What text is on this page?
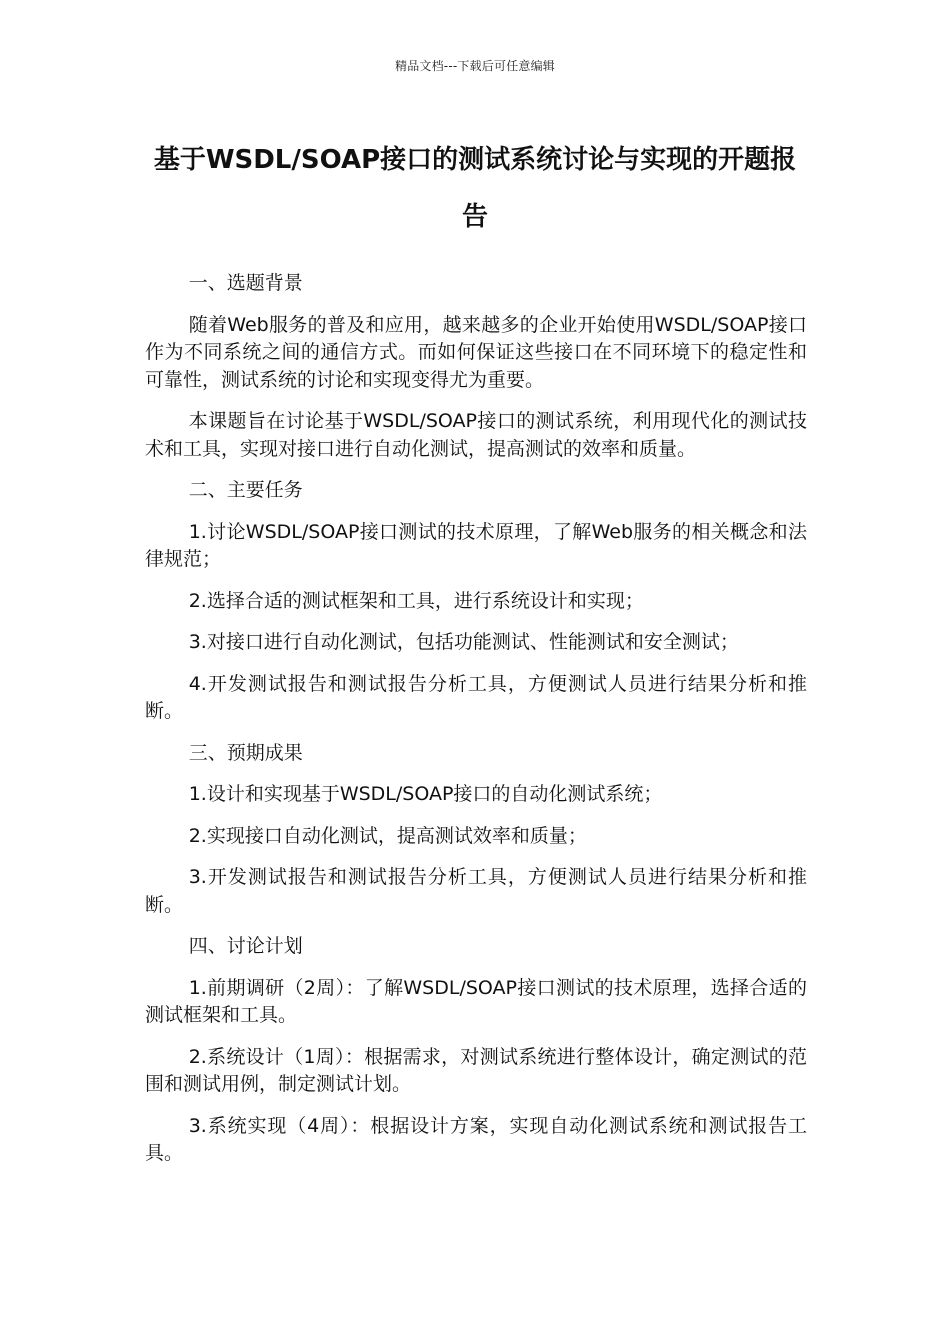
精品文档---下载后可任意编辑
基于WSDL/SOAP接口的测试系统讨论与实现的开题报告

一、选题背景

随着Web服务的普及和应用，越来越多的企业开始使用WSDL/SOAP接口作为不同系统之间的通信方式。而如何保证这些接口在不同环境下的稳定性和可靠性，测试系统的讨论和实现变得尤为重要。

本课题旨在讨论基于WSDL/SOAP接口的测试系统，利用现代化的测试技术和工具，实现对接口进行自动化测试，提高测试的效率和质量。

二、主要任务

1.讨论WSDL/SOAP接口测试的技术原理，了解Web服务的相关概念和法律规范；

2.选择合适的测试框架和工具，进行系统设计和实现；

3.对接口进行自动化测试，包括功能测试、性能测试和安全测试；

4.开发测试报告和测试报告分析工具，方便测试人员进行结果分析和推断。

三、预期成果

1.设计和实现基于WSDL/SOAP接口的自动化测试系统；

2.实现接口自动化测试，提高测试效率和质量；

3.开发测试报告和测试报告分析工具，方便测试人员进行结果分析和推断。

四、讨论计划

1.前期调研（2周）：了解WSDL/SOAP接口测试的技术原理，选择合适的测试框架和工具。

2.系统设计（1周）：根据需求，对测试系统进行整体设计，确定测试的范围和测试用例，制定测试计划。

3.系统实现（4周）：根据设计方案，实现自动化测试系统和测试报告工具。
